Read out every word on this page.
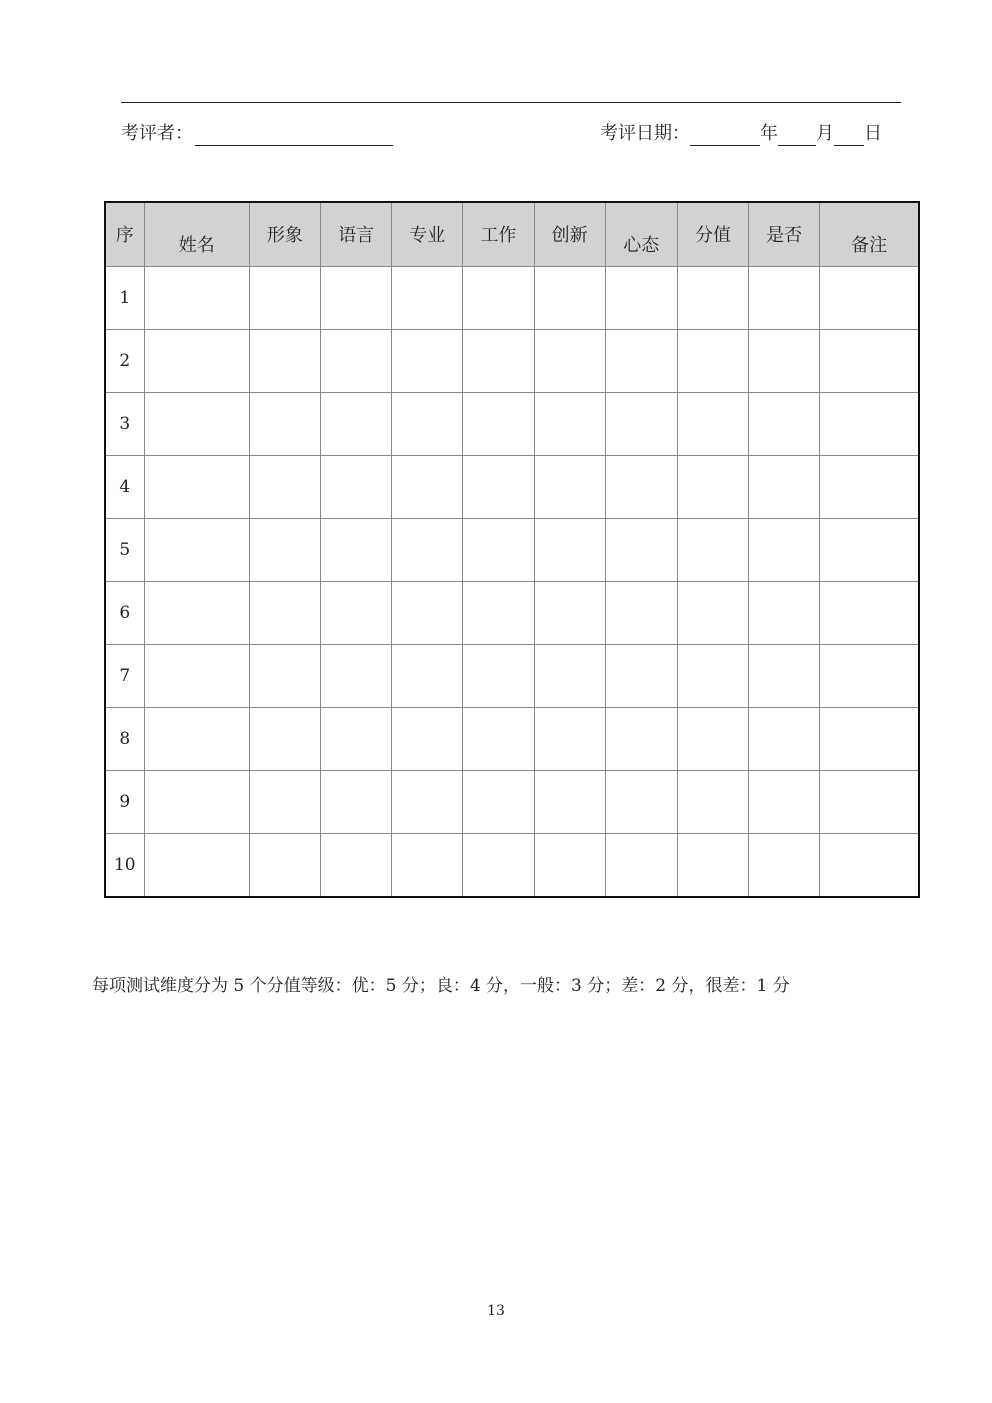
考评者：	考评日期：	年 月 日
序	姓名	形象	语言	专业	工作	创新	心态	分值	是否	备注
1										
2										
3										
4										
5										
6										
7										
8										
9										
10										
每项测试维度分为 5 个分值等级：优：5 分；良：4 分，一般：3 分；差：2 分，很差：1 分
13
